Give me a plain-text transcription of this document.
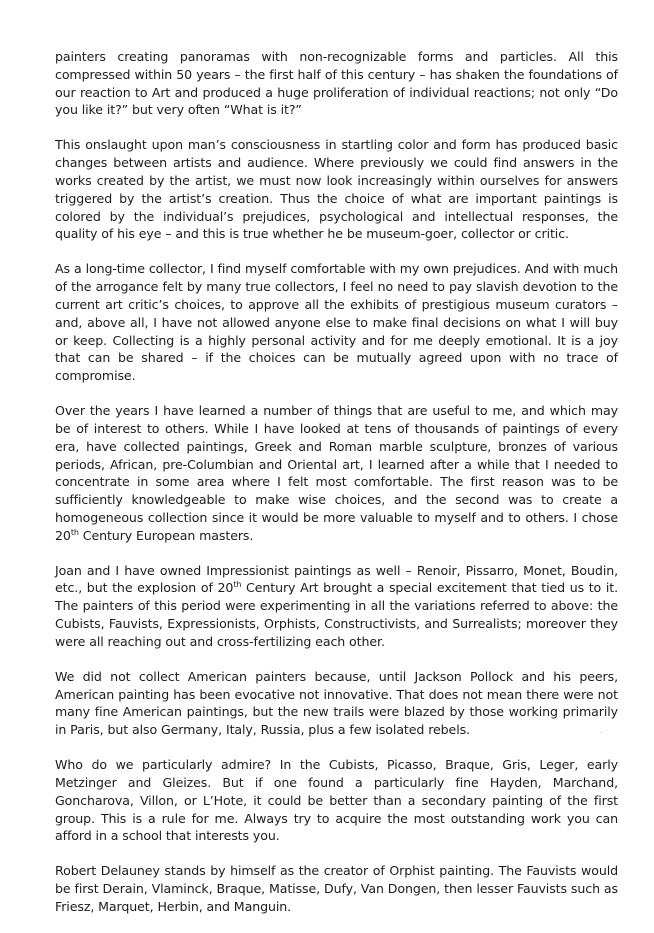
painters creating panoramas with non-recognizable forms and particles. All this compressed within 50 years – the first half of this century – has shaken the foundations of our reaction to Art and produced a huge proliferation of individual reactions; not only “Do you like it?” but very often “What is it?”

This onslaught upon man’s consciousness in startling color and form has produced basic changes between artists and audience. Where previously we could find answers in the works created by the artist, we must now look increasingly within ourselves for answers triggered by the artist’s creation. Thus the choice of what are important paintings is colored by the individual’s prejudices, psychological and intellectual responses, the quality of his eye – and this is true whether he be museum-goer, collector or critic.

As a long-time collector, I find myself comfortable with my own prejudices. And with much of the arrogance felt by many true collectors, I feel no need to pay slavish devotion to the current art critic’s choices, to approve all the exhibits of prestigious museum curators – and, above all, I have not allowed anyone else to make final decisions on what I will buy or keep. Collecting is a highly personal activity and for me deeply emotional. It is a joy that can be shared – if the choices can be mutually agreed upon with no trace of compromise.

Over the years I have learned a number of things that are useful to me, and which may be of interest to others. While I have looked at tens of thousands of paintings of every era, have collected paintings, Greek and Roman marble sculpture, bronzes of various periods, African, pre-Columbian and Oriental art, I learned after a while that I needed to concentrate in some area where I felt most comfortable. The first reason was to be sufficiently knowledgeable to make wise choices, and the second was to create a homogeneous collection since it would be more valuable to myself and to others. I chose 20th Century European masters.

Joan and I have owned Impressionist paintings as well – Renoir, Pissarro, Monet, Boudin, etc., but the explosion of 20th Century Art brought a special excitement that tied us to it. The painters of this period were experimenting in all the variations referred to above: the Cubists, Fauvists, Expressionists, Orphists, Constructivists, and Surrealists; moreover they were all reaching out and cross-fertilizing each other.

We did not collect American painters because, until Jackson Pollock and his peers, American painting has been evocative not innovative. That does not mean there were not many fine American paintings, but the new trails were blazed by those working primarily in Paris, but also Germany, Italy, Russia, plus a few isolated rebels.

Who do we particularly admire? In the Cubists, Picasso, Braque, Gris, Leger, early Metzinger and Gleizes. But if one found a particularly fine Hayden, Marchand, Goncharova, Villon, or L’Hote, it could be better than a secondary painting of the first group. This is a rule for me. Always try to acquire the most outstanding work you can afford in a school that interests you.

Robert Delauney stands by himself as the creator of Orphist painting. The Fauvists would be first Derain, Vlaminck, Braque, Matisse, Dufy, Van Dongen, then lesser Fauvists such as Friesz, Marquet, Herbin, and Manguin.

·
